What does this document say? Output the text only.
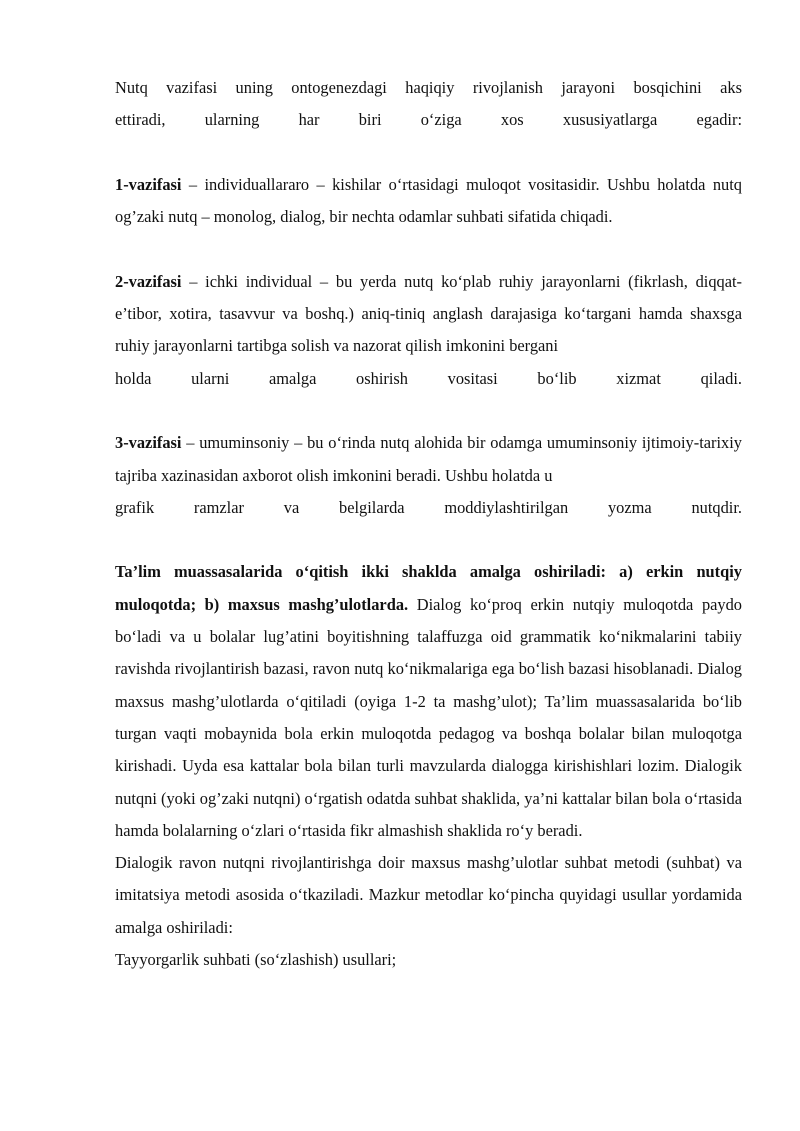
Nutq vazifasi uning ontogenezdagi haqiqiy rivojlanish jarayoni bosqichini aks
ettiradi, ularning har biri o‘ziga xos xususiyatlarga egadir:

1-vazifasi – individuallararo – kishilar o‘rtasidagi muloqot vositasidir. Ushbu holatda nutq og’zaki nutq – monolog, dialog, bir nechta odamlar suhbati sifatida chiqadi.

2-vazifasi – ichki individual – bu yerda nutq ko‘plab ruhiy jarayonlarni (fikrlash, diqqat-e’tibor, xotira, tasavvur va boshq.) aniq-tiniq anglash darajasiga ko‘targani hamda shaxsga ruhiy jarayonlarni tartibga solish va nazorat qilish imkonini bergani
holda ularni amalga oshirish vositasi bo‘lib xizmat qiladi.

3-vazifasi – umuminsoniy – bu o‘rinda nutq alohida bir odamga umuminsoniy ijtimoiy-tarixiy tajriba xazinasidan axborot olish imkonini beradi. Ushbu holatda u
grafik ramzlar va belgilarda moddiylashtirilgan yozma nutqdir.

Ta’lim muassasalarida o‘qitish ikki shaklda amalga oshiriladi: a) erkin nutqiy muloqotda; b) maxsus mashg’ulotlarda. Dialog ko‘proq erkin nutqiy muloqotda paydo bo‘ladi va u bolalar lug’atini boyitishning talaffuzga oid grammatik ko‘nikmalarini tabiiy ravishda rivojlantirish bazasi, ravon nutq ko‘nikmalariga ega bo‘lish bazasi hisoblanadi. Dialog maxsus mashg’ulotlarda o‘qitiladi (oyiga 1-2 ta mashg’ulot); Ta’lim muassasalarida bo‘lib turgan vaqti mobaynida bola erkin muloqotda pedagog va boshqa bolalar bilan muloqotga kirishadi. Uyda esa kattalar bola bilan turli mavzularda dialogga kirishishlari lozim. Dialogik nutqni (yoki og’zaki nutqni) o‘rgatish odatda suhbat shaklida, ya’ni kattalar bilan bola o‘rtasida hamda bolalarning o‘zlari o‘rtasida fikr almashish shaklida ro‘y beradi.

Dialogik ravon nutqni rivojlantirishga doir maxsus mashg’ulotlar suhbat metodi (suhbat) va imitatsiya metodi asosida o‘tkaziladi. Mazkur metodlar ko‘pincha quyidagi usullar yordamida amalga oshiriladi:

Tayyorgarlik suhbati (so‘zlashish) usullari;
